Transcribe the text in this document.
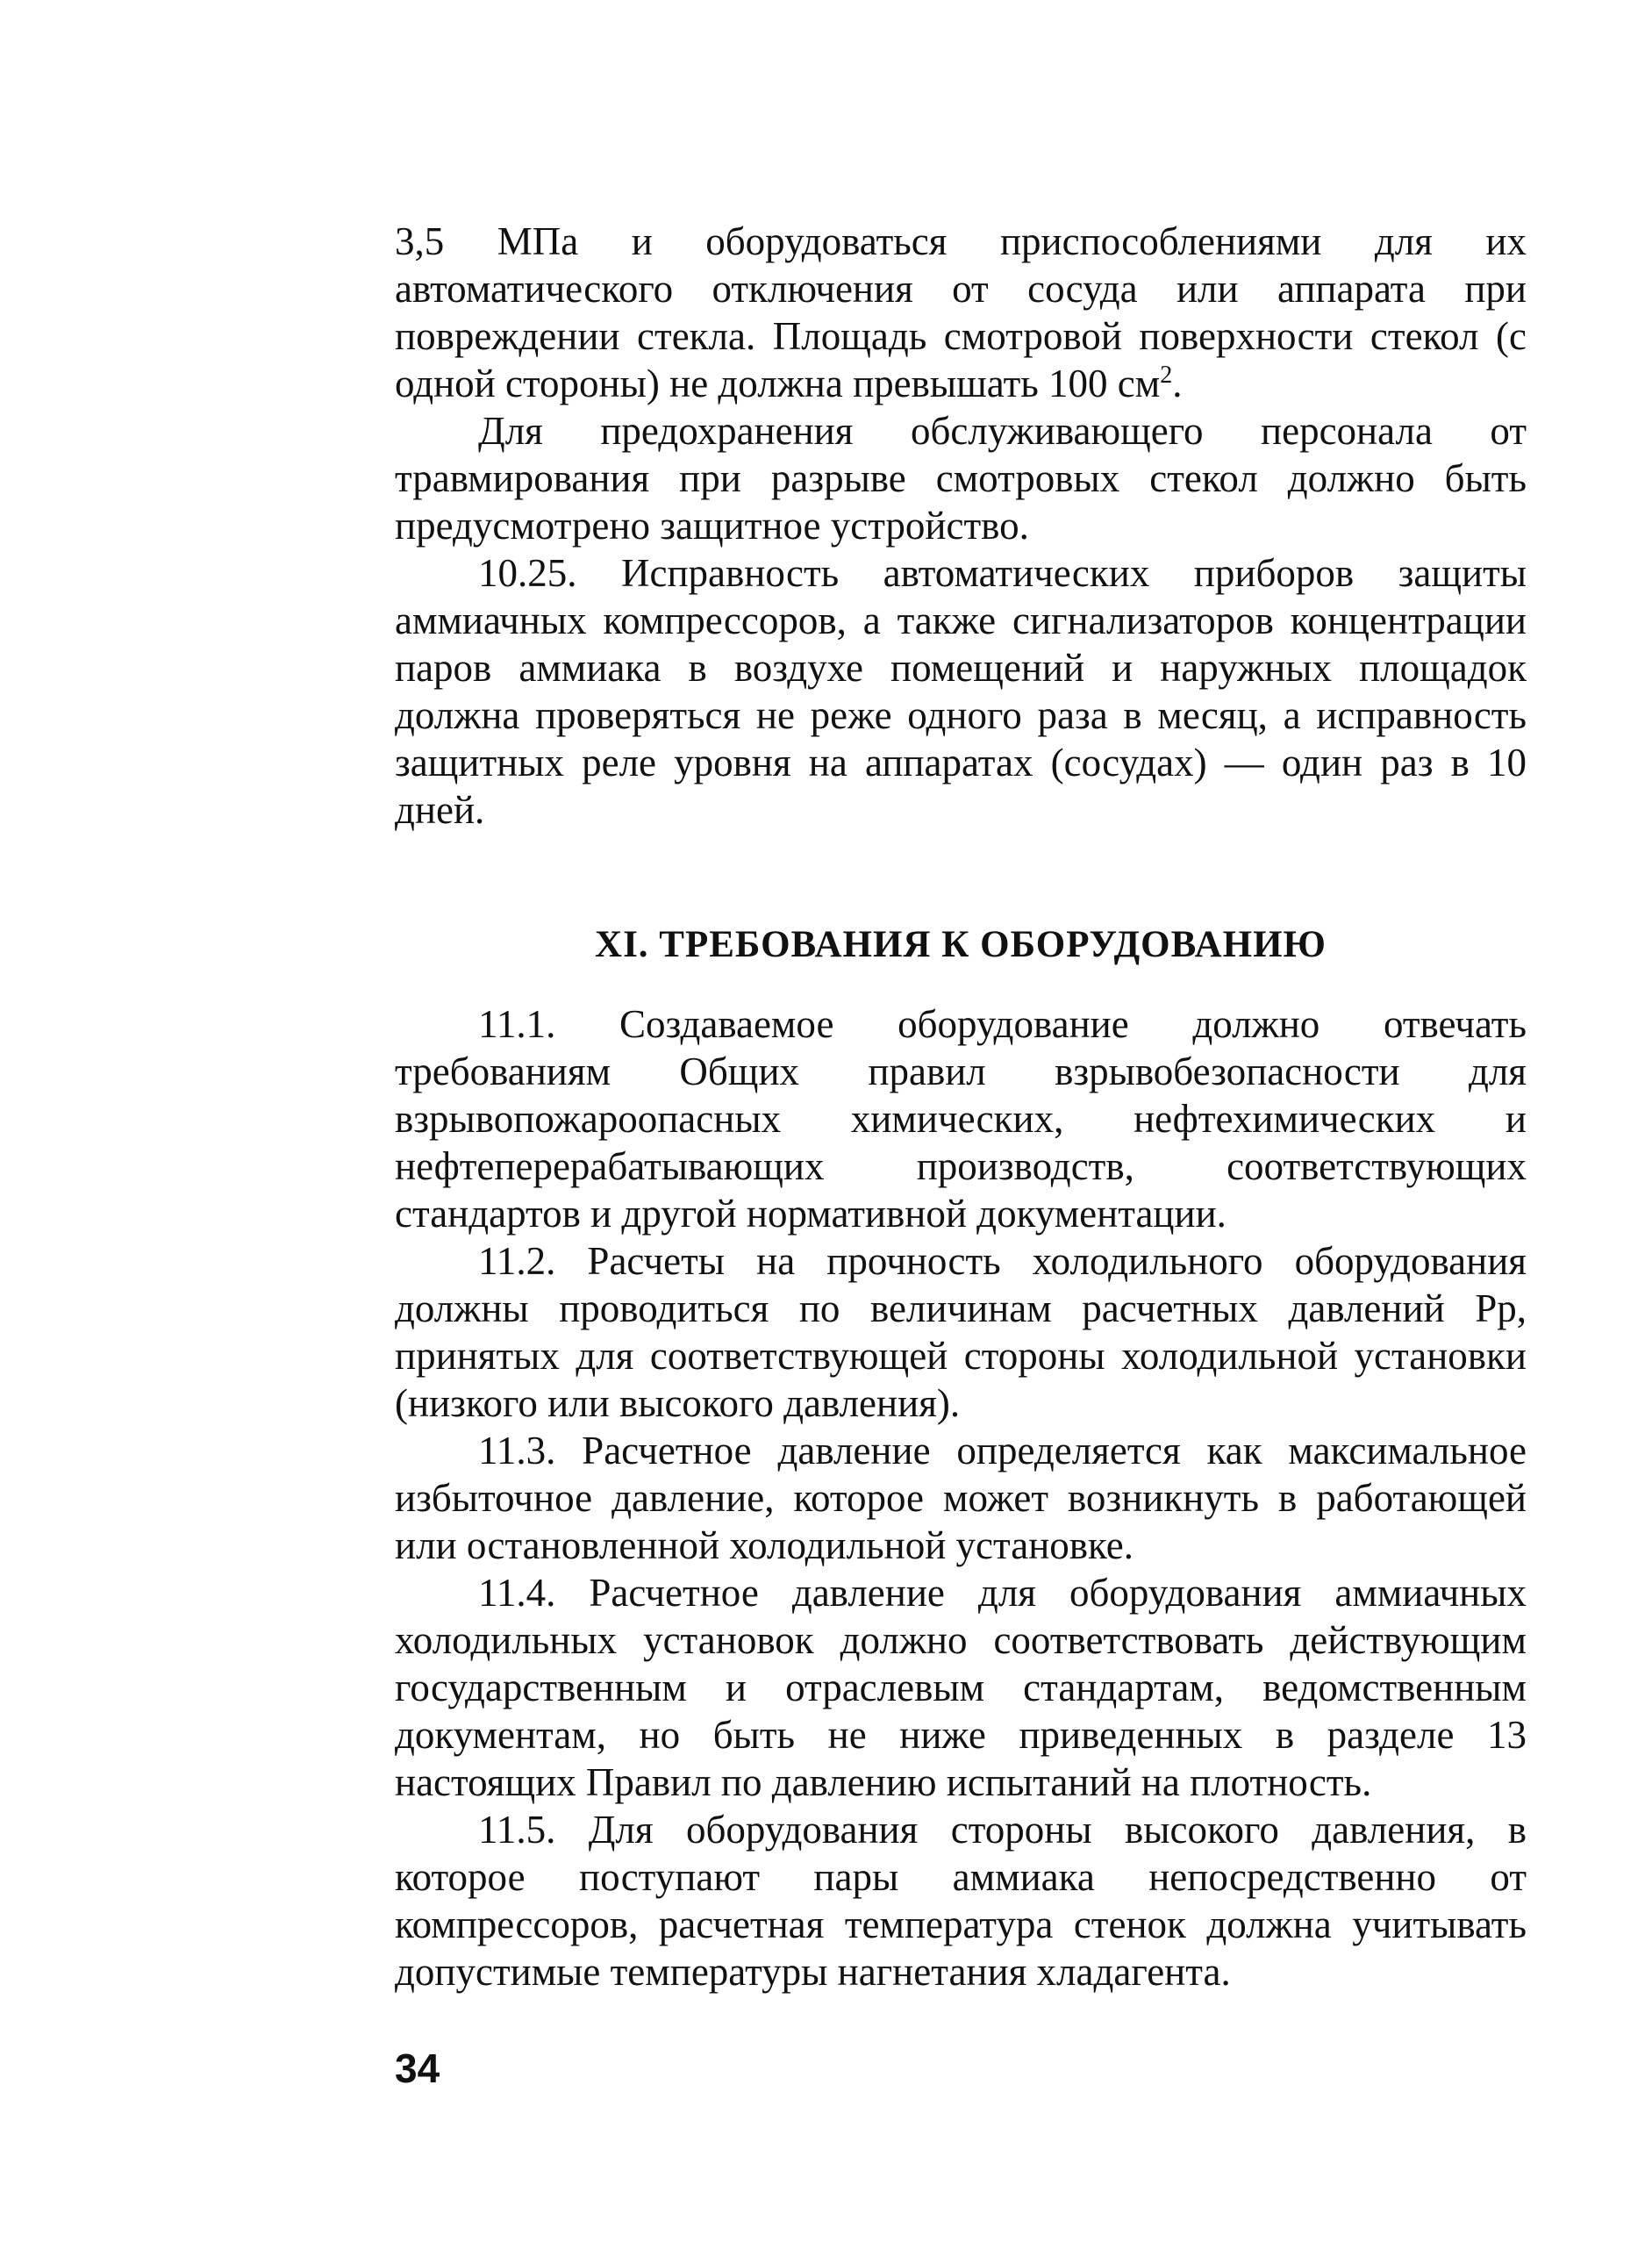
3,5 МПа и оборудоваться приспособлениями для их автоматического отключения от сосуда или аппарата при повреждении стекла. Площадь смотровой поверхности стекол (с одной стороны) не должна превышать 100 $см^2$.

Для предохранения обслуживающего персонала от травмирования при разрыве смотровых стекол должно быть предусмотрено защитное устройство.

10.25. Исправность автоматических приборов защиты аммиачных компрессоров, а также сигнализаторов концентрации паров аммиака в воздухе помещений и наружных площадок должна проверяться не реже одного раза в месяц, а исправность защитных реле уровня на аппаратах (сосудах) — один раз в 10 дней.

XI. ТРЕБОВАНИЯ К ОБОРУДОВАНИЮ

11.1. Создаваемое оборудование должно отвечать требованиям Общих правил взрывобезопасности для взрывопожароопасных химических, нефтехимических и нефтеперерабатывающих производств, соответствующих стандартов и другой нормативной документации.

11.2. Расчеты на прочность холодильного оборудования должны проводиться по величинам расчетных давлений Рр, принятых для соответствующей стороны холодильной установки (низкого или высокого давления).

11.3. Расчетное давление определяется как максимальное избыточное давление, которое может возникнуть в работающей или остановленной холодильной установке.

11.4. Расчетное давление для оборудования аммиачных холодильных установок должно соответствовать действующим государственным и отраслевым стандартам, ведомственным документам, но быть не ниже приведенных в разделе 13 настоящих Правил по давлению испытаний на плотность.

11.5. Для оборудования стороны высокого давления, в которое поступают пары аммиака непосредственно от компрессоров, расчетная температура стенок должна учитывать допустимые температуры нагнетания хладагента.

34
